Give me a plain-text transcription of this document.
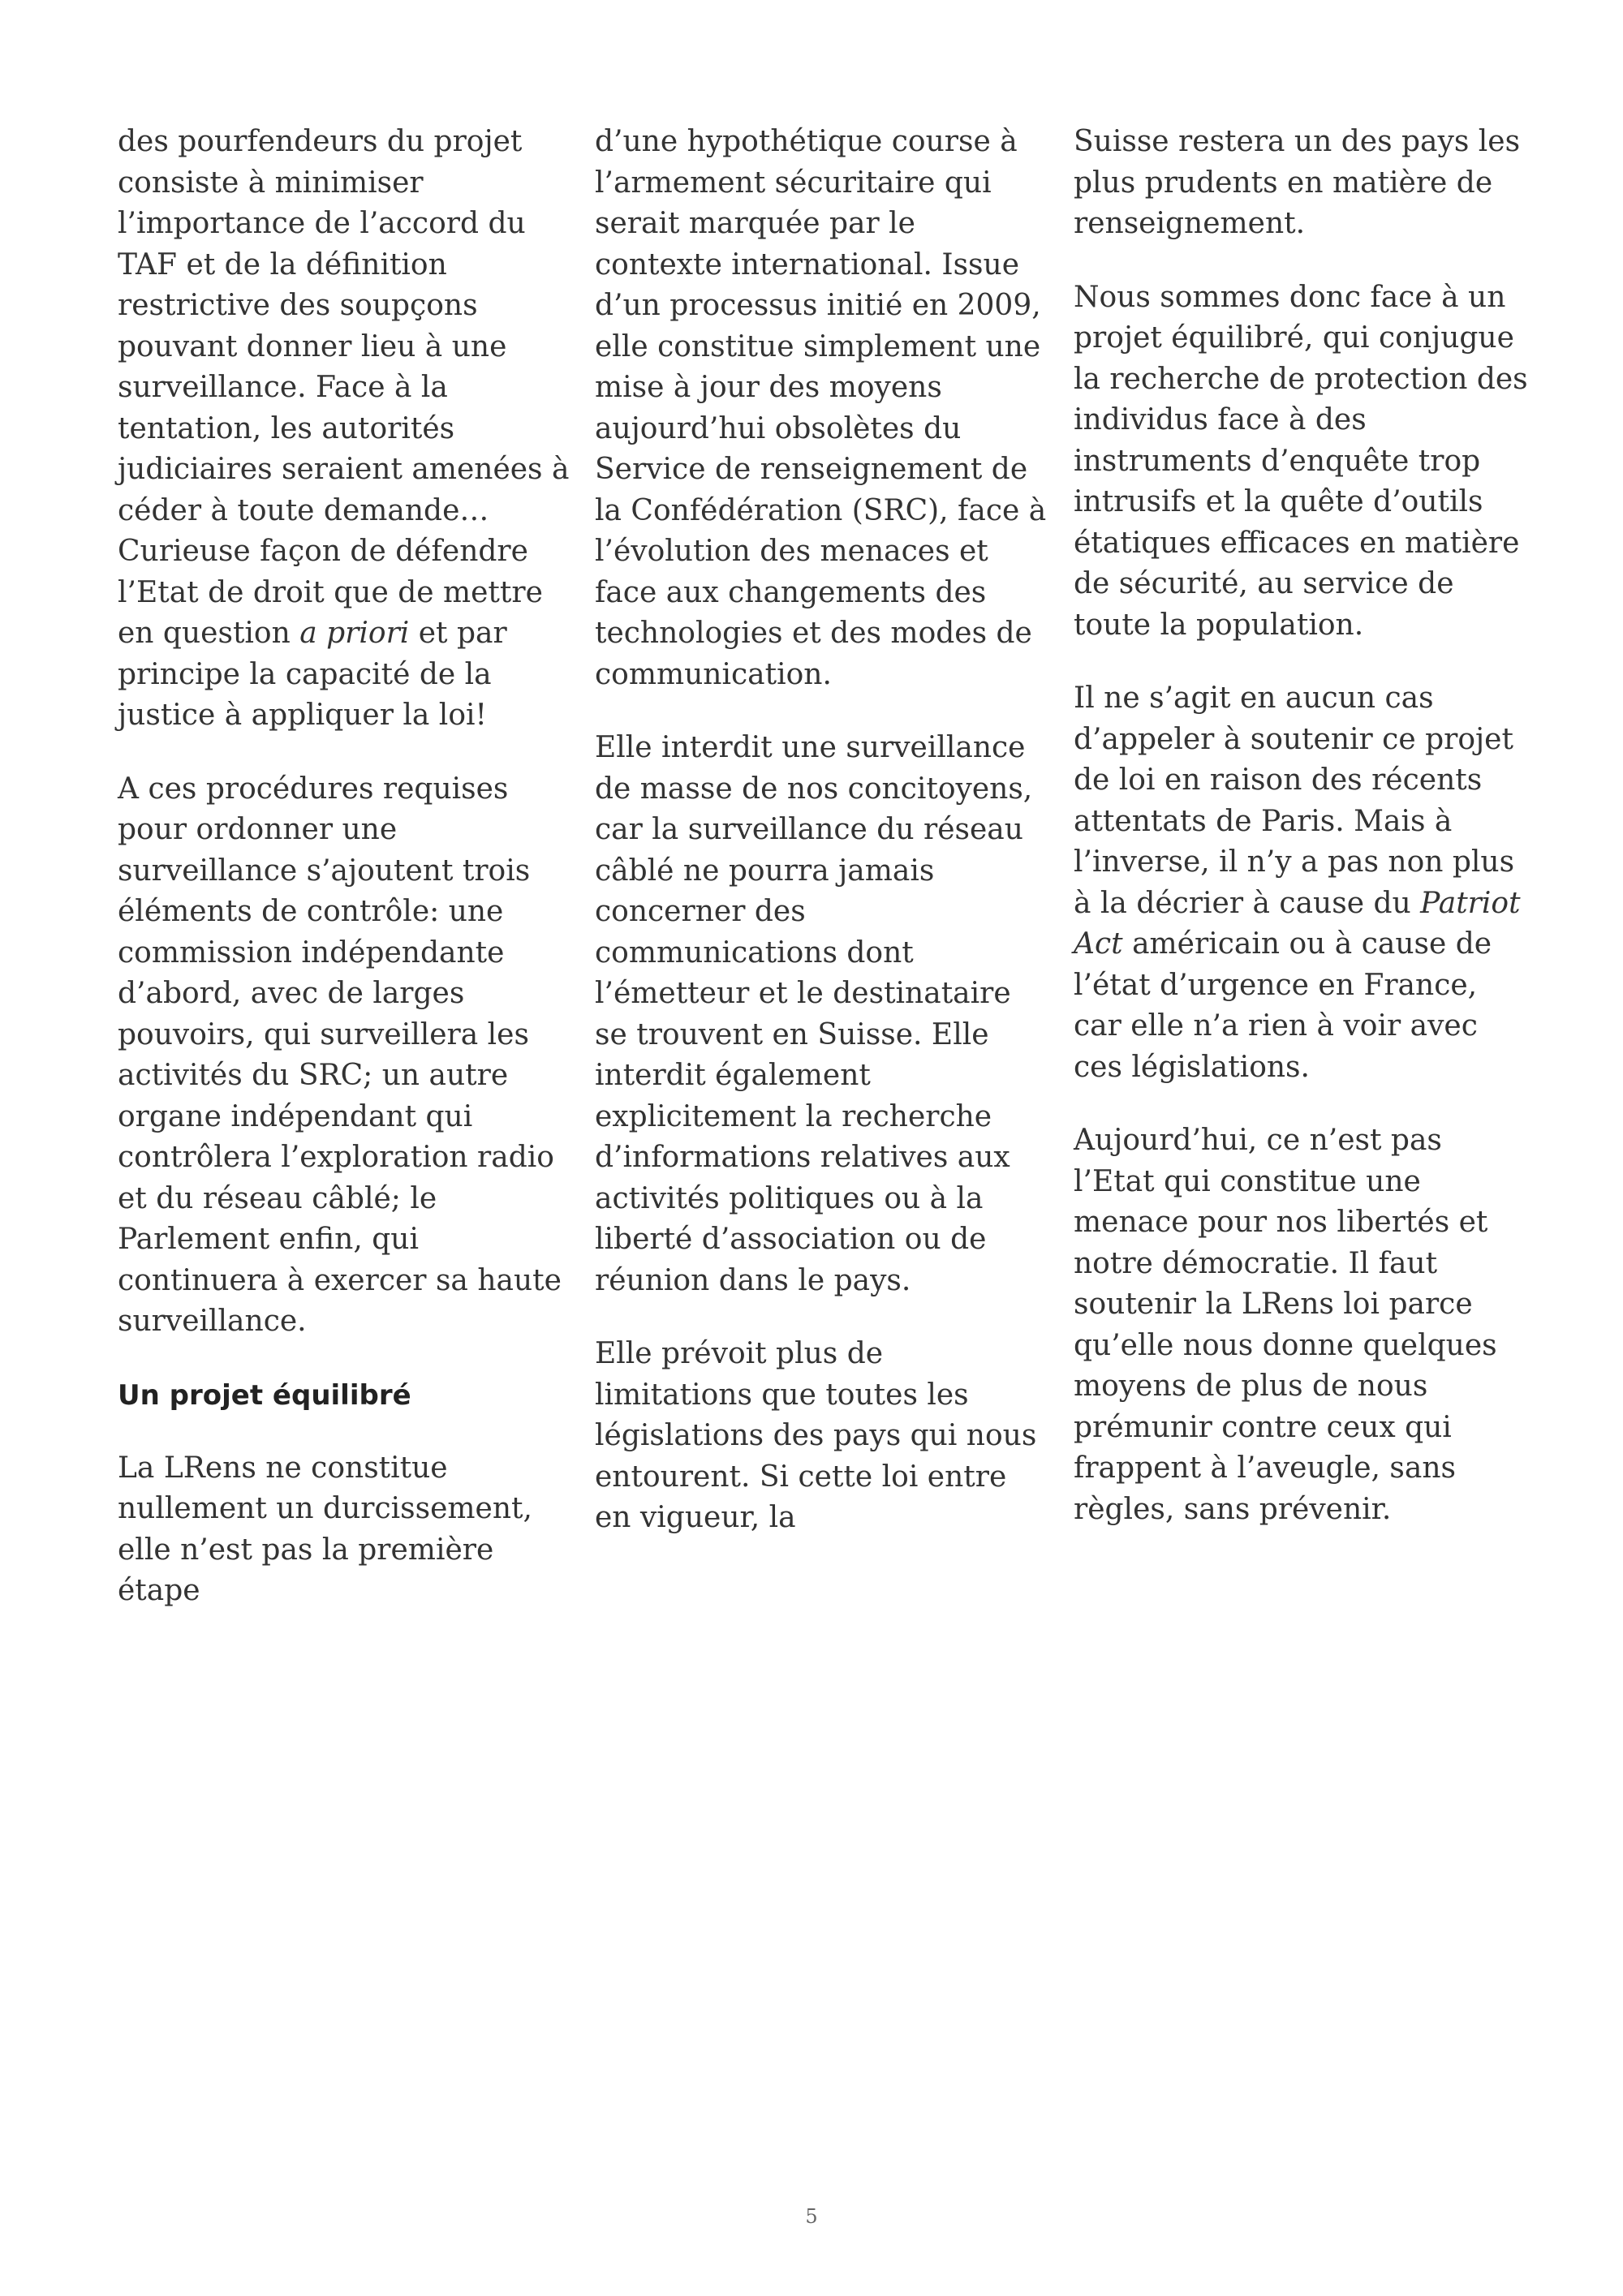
des pourfendeurs du projet consiste à minimiser l’importance de l’accord du TAF et de la définition restrictive des soupçons pouvant donner lieu à une surveillance. Face à la tentation, les autorités judiciaires seraient amenées à céder à toute demande… Curieuse façon de défendre l’Etat de droit que de mettre en question a priori et par principe la capacité de la justice à appliquer la loi!

A ces procédures requises pour ordonner une surveillance s’ajoutent trois éléments de contrôle: une commission indépendante d’abord, avec de larges pouvoirs, qui surveillera les activités du SRC; un autre organe indépendant qui contrôlera l’exploration radio et du réseau câblé; le Parlement enfin, qui continuera à exercer sa haute surveillance.

Un projet équilibré

La LRens ne constitue nullement un durcissement, elle n’est pas la première étape

d’une hypothétique course à l’armement sécuritaire qui serait marquée par le contexte international. Issue d’un processus initié en 2009, elle constitue simplement une mise à jour des moyens aujourd’hui obsolètes du Service de renseignement de la Confédération (SRC), face à l’évolution des menaces et face aux changements des technologies et des modes de communication.

Elle interdit une surveillance de masse de nos concitoyens, car la surveillance du réseau câblé ne pourra jamais concerner des communications dont l’émetteur et le destinataire se trouvent en Suisse. Elle interdit également explicitement la recherche d’informations relatives aux activités politiques ou à la liberté d’association ou de réunion dans le pays.

Elle prévoit plus de limitations que toutes les législations des pays qui nous entourent. Si cette loi entre en vigueur, la

Suisse restera un des pays les plus prudents en matière de renseignement.

Nous sommes donc face à un projet équilibré, qui conjugue la recherche de protection des individus face à des instruments d’enquête trop intrusifs et la quête d’outils étatiques efficaces en matière de sécurité, au service de toute la population.

Il ne s’agit en aucun cas d’appeler à soutenir ce projet de loi en raison des récents attentats de Paris. Mais à l’inverse, il n’y a pas non plus à la décrier à cause du Patriot Act américain ou à cause de l’état d’urgence en France, car elle n’a rien à voir avec ces législations.

Aujourd’hui, ce n’est pas l’Etat qui constitue une menace pour nos libertés et notre démocratie. Il faut soutenir la LRens loi parce qu’elle nous donne quelques moyens de plus de nous prémunir contre ceux qui frappent à l’aveugle, sans règles, sans prévenir.

5
